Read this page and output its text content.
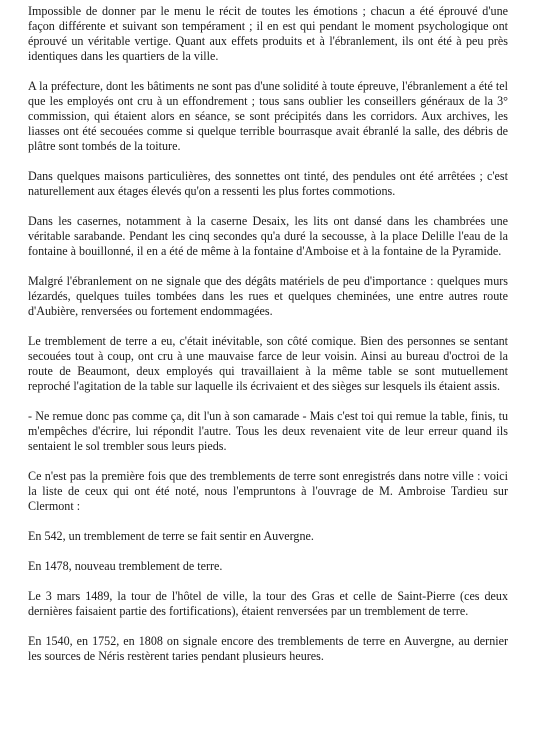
Impossible de donner par le menu le récit de toutes les émotions ; chacun a été éprouvé d'une façon différente et suivant son tempérament ; il en est qui pendant le moment psychologique ont éprouvé un véritable vertige. Quant aux effets produits et à l'ébranlement, ils ont été à peu près identiques dans les quartiers de la ville.

A la préfecture, dont les bâtiments ne sont pas d'une solidité à toute épreuve, l'ébranlement a été tel que les employés ont cru à un effondrement ; tous sans oublier les conseillers généraux de la 3° commission, qui étaient alors en séance, se sont précipités dans les corridors. Aux archives, les liasses ont été secouées comme si quelque terrible bourrasque avait ébranlé la salle, des débris de plâtre sont tombés de la toiture.

Dans quelques maisons particulières, des sonnettes ont tinté, des pendules ont été arrêtées ; c'est naturellement aux étages élevés qu'on a ressenti les plus fortes commotions.

Dans les casernes, notamment à la caserne Desaix, les lits ont dansé dans les chambrées une véritable sarabande. Pendant les cinq secondes qu'a duré la secousse, à la place Delille l'eau de la fontaine à bouillonné, il en a été de même à la fontaine d'Amboise et à la fontaine de la Pyramide.

Malgré l'ébranlement on ne signale que des dégâts matériels de peu d'importance : quelques murs lézardés, quelques tuiles tombées dans les rues et quelques cheminées, une entre autres route d'Aubière, renversées ou fortement endommagées.

Le tremblement de terre a eu, c'était inévitable, son côté comique. Bien des personnes se sentant secouées tout à coup, ont cru à une mauvaise farce de leur voisin. Ainsi au bureau d'octroi de la route de Beaumont, deux employés qui travaillaient à la même table se sont mutuellement reproché l'agitation de la table sur laquelle ils écrivaient et des sièges sur lesquels ils étaient assis.

- Ne remue donc pas comme ça, dit l'un à son camarade - Mais c'est toi qui remue la table, finis, tu m'empêches d'écrire, lui répondit l'autre. Tous les deux revenaient vite de leur erreur quand ils sentaient le sol trembler sous leurs pieds.

Ce n'est pas la première fois que des tremblements de terre sont enregistrés dans notre ville : voici la liste de ceux qui ont été noté, nous l'empruntons à l'ouvrage de M. Ambroise Tardieu sur Clermont :

En 542, un tremblement de terre se fait sentir en Auvergne.

En 1478, nouveau tremblement de terre.

Le 3 mars 1489, la tour de l'hôtel de ville, la tour des Gras et celle de Saint-Pierre (ces deux dernières faisaient partie des fortifications), étaient renversées par un tremblement de terre.

En 1540, en 1752, en 1808 on signale encore des tremblements de terre en Auvergne, au dernier les sources de Néris restèrent taries pendant plusieurs heures.
